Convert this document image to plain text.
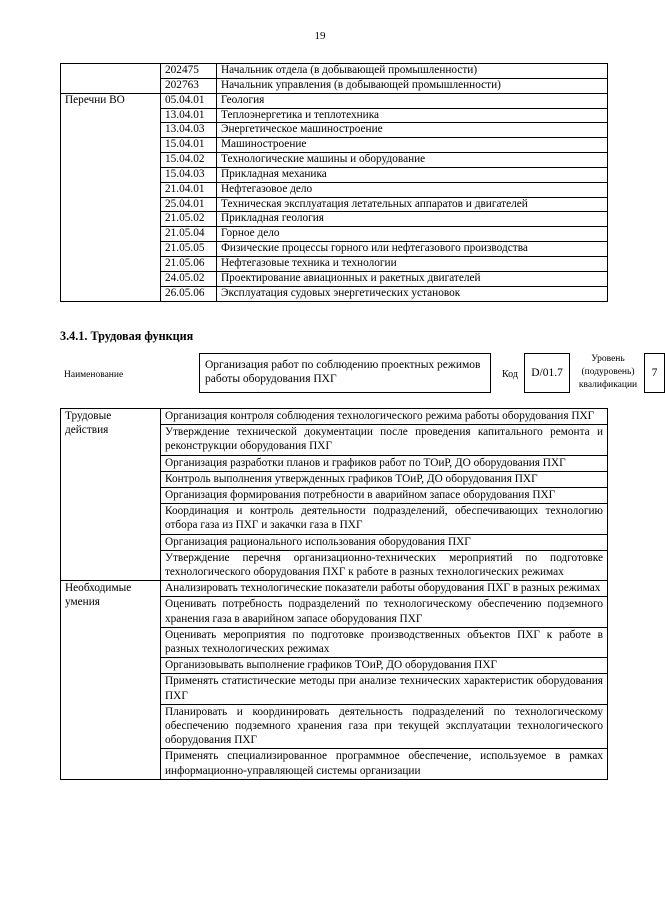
19
	202475	Начальник отдела (в добывающей промышленности)
	202763	Начальник управления (в добывающей промышленности)
Перечни ВО	05.04.01	Геология
	13.04.01	Теплоэнергетика и теплотехника
	13.04.03	Энергетическое машиностроение
	15.04.01	Машиностроение
	15.04.02	Технологические машины и оборудование
	15.04.03	Прикладная механика
	21.04.01	Нефтегазовое дело
	25.04.01	Техническая эксплуатация летательных аппаратов и двигателей
	21.05.02	Прикладная геология
	21.05.04	Горное дело
	21.05.05	Физические процессы горного или нефтегазового производства
	21.05.06	Нефтегазовые техника и технологии
	24.05.02	Проектирование авиационных и ракетных двигателей
	26.05.06	Эксплуатация судовых энергетических установок
3.4.1. Трудовая функция
Наименование
Организация работ по соблюдению проектных режимов работы оборудования ПХГ	Код	D/01.7
Уровень (подуровень) квалификации
7
Трудовые действия	Организация контроля соблюдения технологического режима работы оборудования ПХГ
	Утверждение технической документации после проведения капитального ремонта и реконструкции оборудования ПХГ
	Организация разработки планов и графиков работ по ТОиР, ДО оборудования ПХГ
	Контроль выполнения утвержденных графиков ТОиР, ДО оборудования ПХГ
	Организация формирования потребности в аварийном запасе оборудования ПХГ
	Координация и контроль деятельности подразделений, обеспечивающих технологию отбора газа из ПХГ и закачки газа в ПХГ
	Организация рационального использования оборудования ПХГ
	Утверждение перечня организационно-технических мероприятий по подготовке технологического оборудования ПХГ к работе в разных технологических режимах
Необходимые умения	Анализировать технологические показатели работы оборудования ПХГ в разных режимах
	Оценивать потребность подразделений по технологическому обеспечению подземного хранения газа в аварийном запасе оборудования ПХГ
	Оценивать мероприятия по подготовке производственных объектов ПХГ к работе в разных технологических режимах
	Организовывать выполнение графиков ТОиР, ДО оборудования ПХГ
	Применять статистические методы при анализе технических характеристик оборудования ПХГ
	Планировать и координировать деятельность подразделений по технологическому обеспечению подземного хранения газа при текущей эксплуатации технологического оборудования ПХГ
	Применять специализированное программное обеспечение, используемое в рамках информационно-управляющей системы организации
